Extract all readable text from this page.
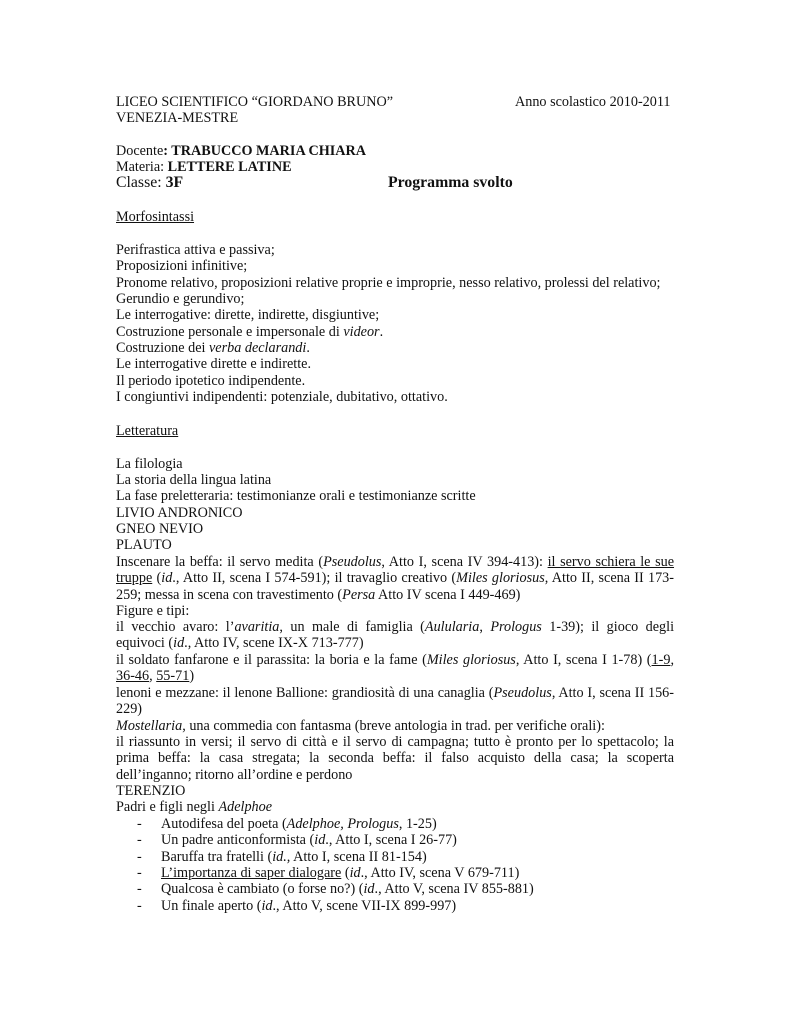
LICEO SCIENTIFICO “GIORDANO BRUNO”	Anno scolastico 2010-2011
VENEZIA-MESTRE
Docente: TRABUCCO MARIA CHIARA
Materia: LETTERE LATINE
Classe: 3F	Programma svolto
Morfosintassi
Perifrastica attiva e passiva;
Proposizioni infinitive;
Pronome relativo, proposizioni relative proprie e improprie, nesso relativo, prolessi del relativo;
Gerundio e gerundivo;
Le interrogative: dirette, indirette, disgiuntive;
Costruzione personale e impersonale di videor.
Costruzione dei verba declarandi.
Le interrogative dirette e indirette.
Il periodo ipotetico indipendente.
I congiuntivi indipendenti: potenziale, dubitativo, ottativo.
Letteratura
La filologia
La storia della lingua latina
La fase preletteraria: testimonianze orali e testimonianze scritte
LIVIO ANDRONICO
GNEO NEVIO
PLAUTO
Inscenare la beffa: il servo medita (Pseudolus, Atto I, scena IV 394-413): il servo schiera le sue truppe (id., Atto II, scena I 574-591); il travaglio creativo (Miles gloriosus, Atto II, scena II 173-259; messa in scena con travestimento (Persa Atto IV scena I 449-469)
Figure e tipi:
il vecchio avaro: l’avaritia, un male di famiglia (Aulularia, Prologus 1-39); il gioco degli equivoci (id., Atto IV, scene IX-X 713-777)
il soldato fanfarone e il parassita: la boria e la fame (Miles gloriosus, Atto I, scena I 1-78) (1-9, 36-46, 55-71)
lenoni e mezzane: il lenone Ballione: grandiosità di una canaglia (Pseudolus, Atto I, scena II 156-229)
Mostellaria, una commedia con fantasma (breve antologia in trad. per verifiche orali):
il riassunto in versi; il servo di città e il servo di campagna; tutto è pronto per lo spettacolo; la prima beffa: la casa stregata; la seconda beffa: il falso acquisto della casa; la scoperta dell’inganno; ritorno all’ordine e perdono
TERENZIO
Padri e figli negli Adelphoe
- Autodifesa del poeta (Adelphoe, Prologus, 1-25)
- Un padre anticonformista (id., Atto I, scena I 26-77)
- Baruffa tra fratelli (id., Atto I, scena II 81-154)
- L’importanza di saper dialogare (id., Atto IV, scena V 679-711)
- Qualcosa è cambiato (o forse no?) (id., Atto V, scena IV 855-881)
- Un finale aperto (id., Atto V, scene VII-IX 899-997)
